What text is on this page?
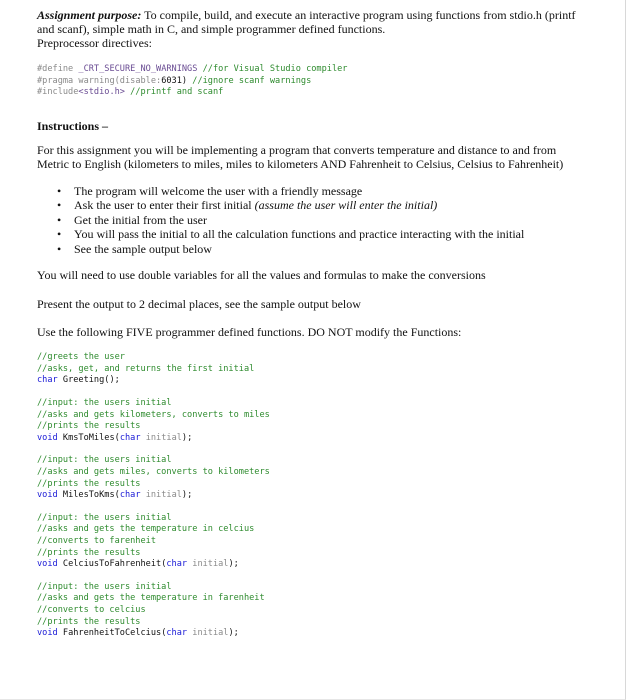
Assignment purpose: To compile, build, and execute an interactive program using functions from stdio.h (printf
and scanf), simple math in C, and simple programmer defined functions.
Preprocessor directives:

#define _CRT_SECURE_NO_WARNINGS //for Visual Studio compiler
#pragma warning(disable:6031) //ignore scanf warnings
#include<stdio.h> //printf and scanf

Instructions –

For this assignment you will be implementing a program that converts temperature and distance to and from
Metric to English (kilometers to miles, miles to kilometers AND Fahrenheit to Celsius, Celsius to Fahrenheit)

• The program will welcome the user with a friendly message
• Ask the user to enter their first initial (assume the user will enter the initial)
• Get the initial from the user
• You will pass the initial to all the calculation functions and practice interacting with the initial
• See the sample output below

You will need to use double variables for all the values and formulas to make the conversions

Present the output to 2 decimal places, see the sample output below

Use the following FIVE programmer defined functions. DO NOT modify the Functions:

//greets the user
//asks, get, and returns the first initial
char Greeting();
//input: the users initial
//asks and gets kilometers, converts to miles
//prints the results
void KmsToMiles(char initial);
//input: the users initial
//asks and gets miles, converts to kilometers
//prints the results
void MilesToKms(char initial);
//input: the users initial
//asks and gets the temperature in celcius
//converts to farenheit
//prints the results
void CelciusToFahrenheit(char initial);
//input: the users initial
//asks and gets the temperature in farenheit
//converts to celcius
//prints the results
void FahrenheitToCelcius(char initial);
